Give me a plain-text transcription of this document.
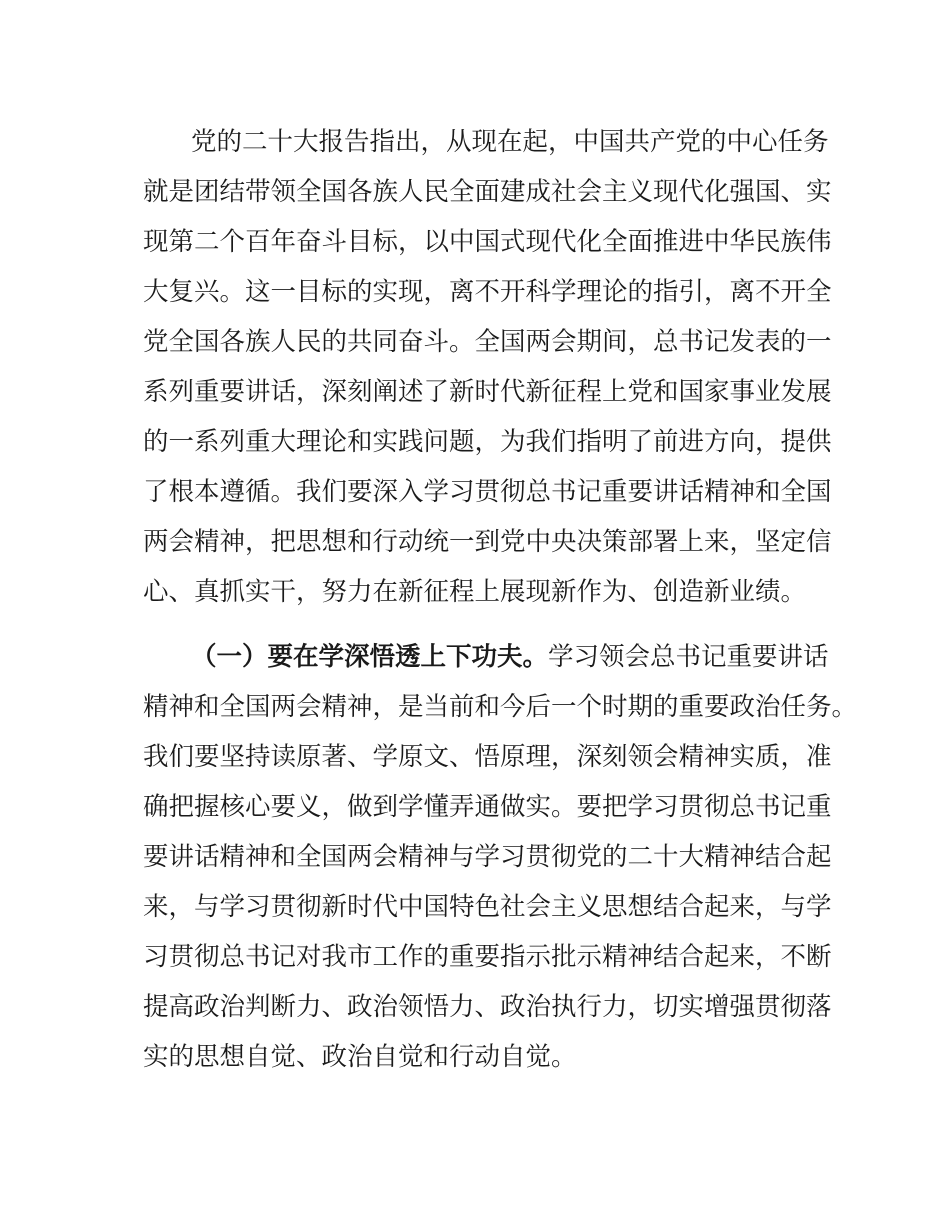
党的二十大报告指出，从现在起，中国共产党的中心任务
就是团结带领全国各族人民全面建成社会主义现代化强国、实
现第二个百年奋斗目标，以中国式现代化全面推进中华民族伟
大复兴。这一目标的实现，离不开科学理论的指引，离不开全
党全国各族人民的共同奋斗。全国两会期间，总书记发表的一
系列重要讲话，深刻阐述了新时代新征程上党和国家事业发展
的一系列重大理论和实践问题，为我们指明了前进方向，提供
了根本遵循。我们要深入学习贯彻总书记重要讲话精神和全国
两会精神，把思想和行动统一到党中央决策部署上来，坚定信
心、真抓实干，努力在新征程上展现新作为、创造新业绩。
（一）要在学深悟透上下功夫。学习领会总书记重要讲话
精神和全国两会精神，是当前和今后一个时期的重要政治任务。
我们要坚持读原著、学原文、悟原理，深刻领会精神实质，准
确把握核心要义，做到学懂弄通做实。要把学习贯彻总书记重
要讲话精神和全国两会精神与学习贯彻党的二十大精神结合起
来，与学习贯彻新时代中国特色社会主义思想结合起来，与学
习贯彻总书记对我市工作的重要指示批示精神结合起来，不断
提高政治判断力、政治领悟力、政治执行力，切实增强贯彻落
实的思想自觉、政治自觉和行动自觉。
